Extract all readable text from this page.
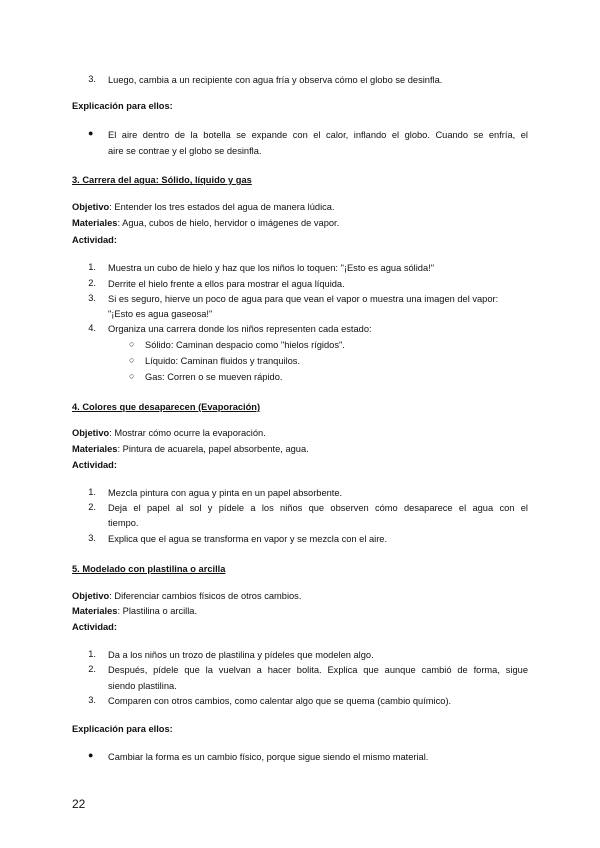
3. Luego, cambia a un recipiente con agua fría y observa cómo el globo se desinfla.
Explicación para ellos:
● El aire dentro de la botella se expande con el calor, inflando el globo. Cuando se enfría, el
aire se contrae y el globo se desinfla.
3. Carrera del agua: Sólido, líquido y gas
Objetivo: Entender los tres estados del agua de manera lúdica.
Materiales: Agua, cubos de hielo, hervidor o imágenes de vapor.
Actividad:
1. Muestra un cubo de hielo y haz que los niños lo toquen: "¡Esto es agua sólida!"
2. Derrite el hielo frente a ellos para mostrar el agua líquida.
3. Si es seguro, hierve un poco de agua para que vean el vapor o muestra una imagen del vapor:
"¡Esto es agua gaseosa!"
4. Organiza una carrera donde los niños representen cada estado:
○ Sólido: Caminan despacio como "hielos rígidos".
○ Líquido: Caminan fluidos y tranquilos.
○ Gas: Corren o se mueven rápido.
4. Colores que desaparecen (Evaporación)
Objetivo: Mostrar cómo ocurre la evaporación.
Materiales: Pintura de acuarela, papel absorbente, agua.
Actividad:
1. Mezcla pintura con agua y pinta en un papel absorbente.
2. Deja el papel al sol y pídele a los niños que observen cómo desaparece el agua con el
tiempo.
3. Explica que el agua se transforma en vapor y se mezcla con el aire.
5. Modelado con plastilina o arcilla
Objetivo: Diferenciar cambios físicos de otros cambios.
Materiales: Plastilina o arcilla.
Actividad:
1. Da a los niños un trozo de plastilina y pídeles que modelen algo.
2. Después, pídele que la vuelvan a hacer bolita. Explica que aunque cambió de forma, sigue
siendo plastilina.
3. Comparen con otros cambios, como calentar algo que se quema (cambio químico).
Explicación para ellos:
● Cambiar la forma es un cambio físico, porque sigue siendo el mismo material.
22
